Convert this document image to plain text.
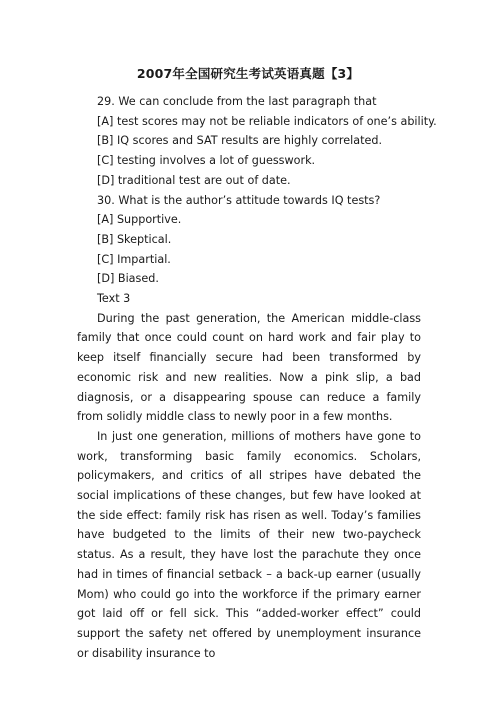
2007年全国研究生考试英语真题【3】
29. We can conclude from the last paragraph that
[A] test scores may not be reliable indicators of one’s ability.
[B] IQ scores and SAT results are highly correlated.
[C] testing involves a lot of guesswork.
[D] traditional test are out of date.
30. What is the author’s attitude towards IQ tests?
[A] Supportive.
[B] Skeptical.
[C] Impartial.
[D] Biased.
Text 3

During the past generation, the American middle-class family that once could count on hard work and fair play to keep itself financially secure had been transformed by economic risk and new realities. Now a pink slip, a bad diagnosis, or a disappearing spouse can reduce a family from solidly middle class to newly poor in a few months.

In just one generation, millions of mothers have gone to work, transforming basic family economics. Scholars, policymakers, and critics of all stripes have debated the social implications of these changes, but few have looked at the side effect: family risk has risen as well. Today’s families have budgeted to the limits of their new two-paycheck status. As a result, they have lost the parachute they once had in times of financial setback – a back-up earner (usually Mom) who could go into the workforce if the primary earner got laid off or fell sick. This “added-worker effect” could support the safety net offered by unemployment insurance or disability insurance to
